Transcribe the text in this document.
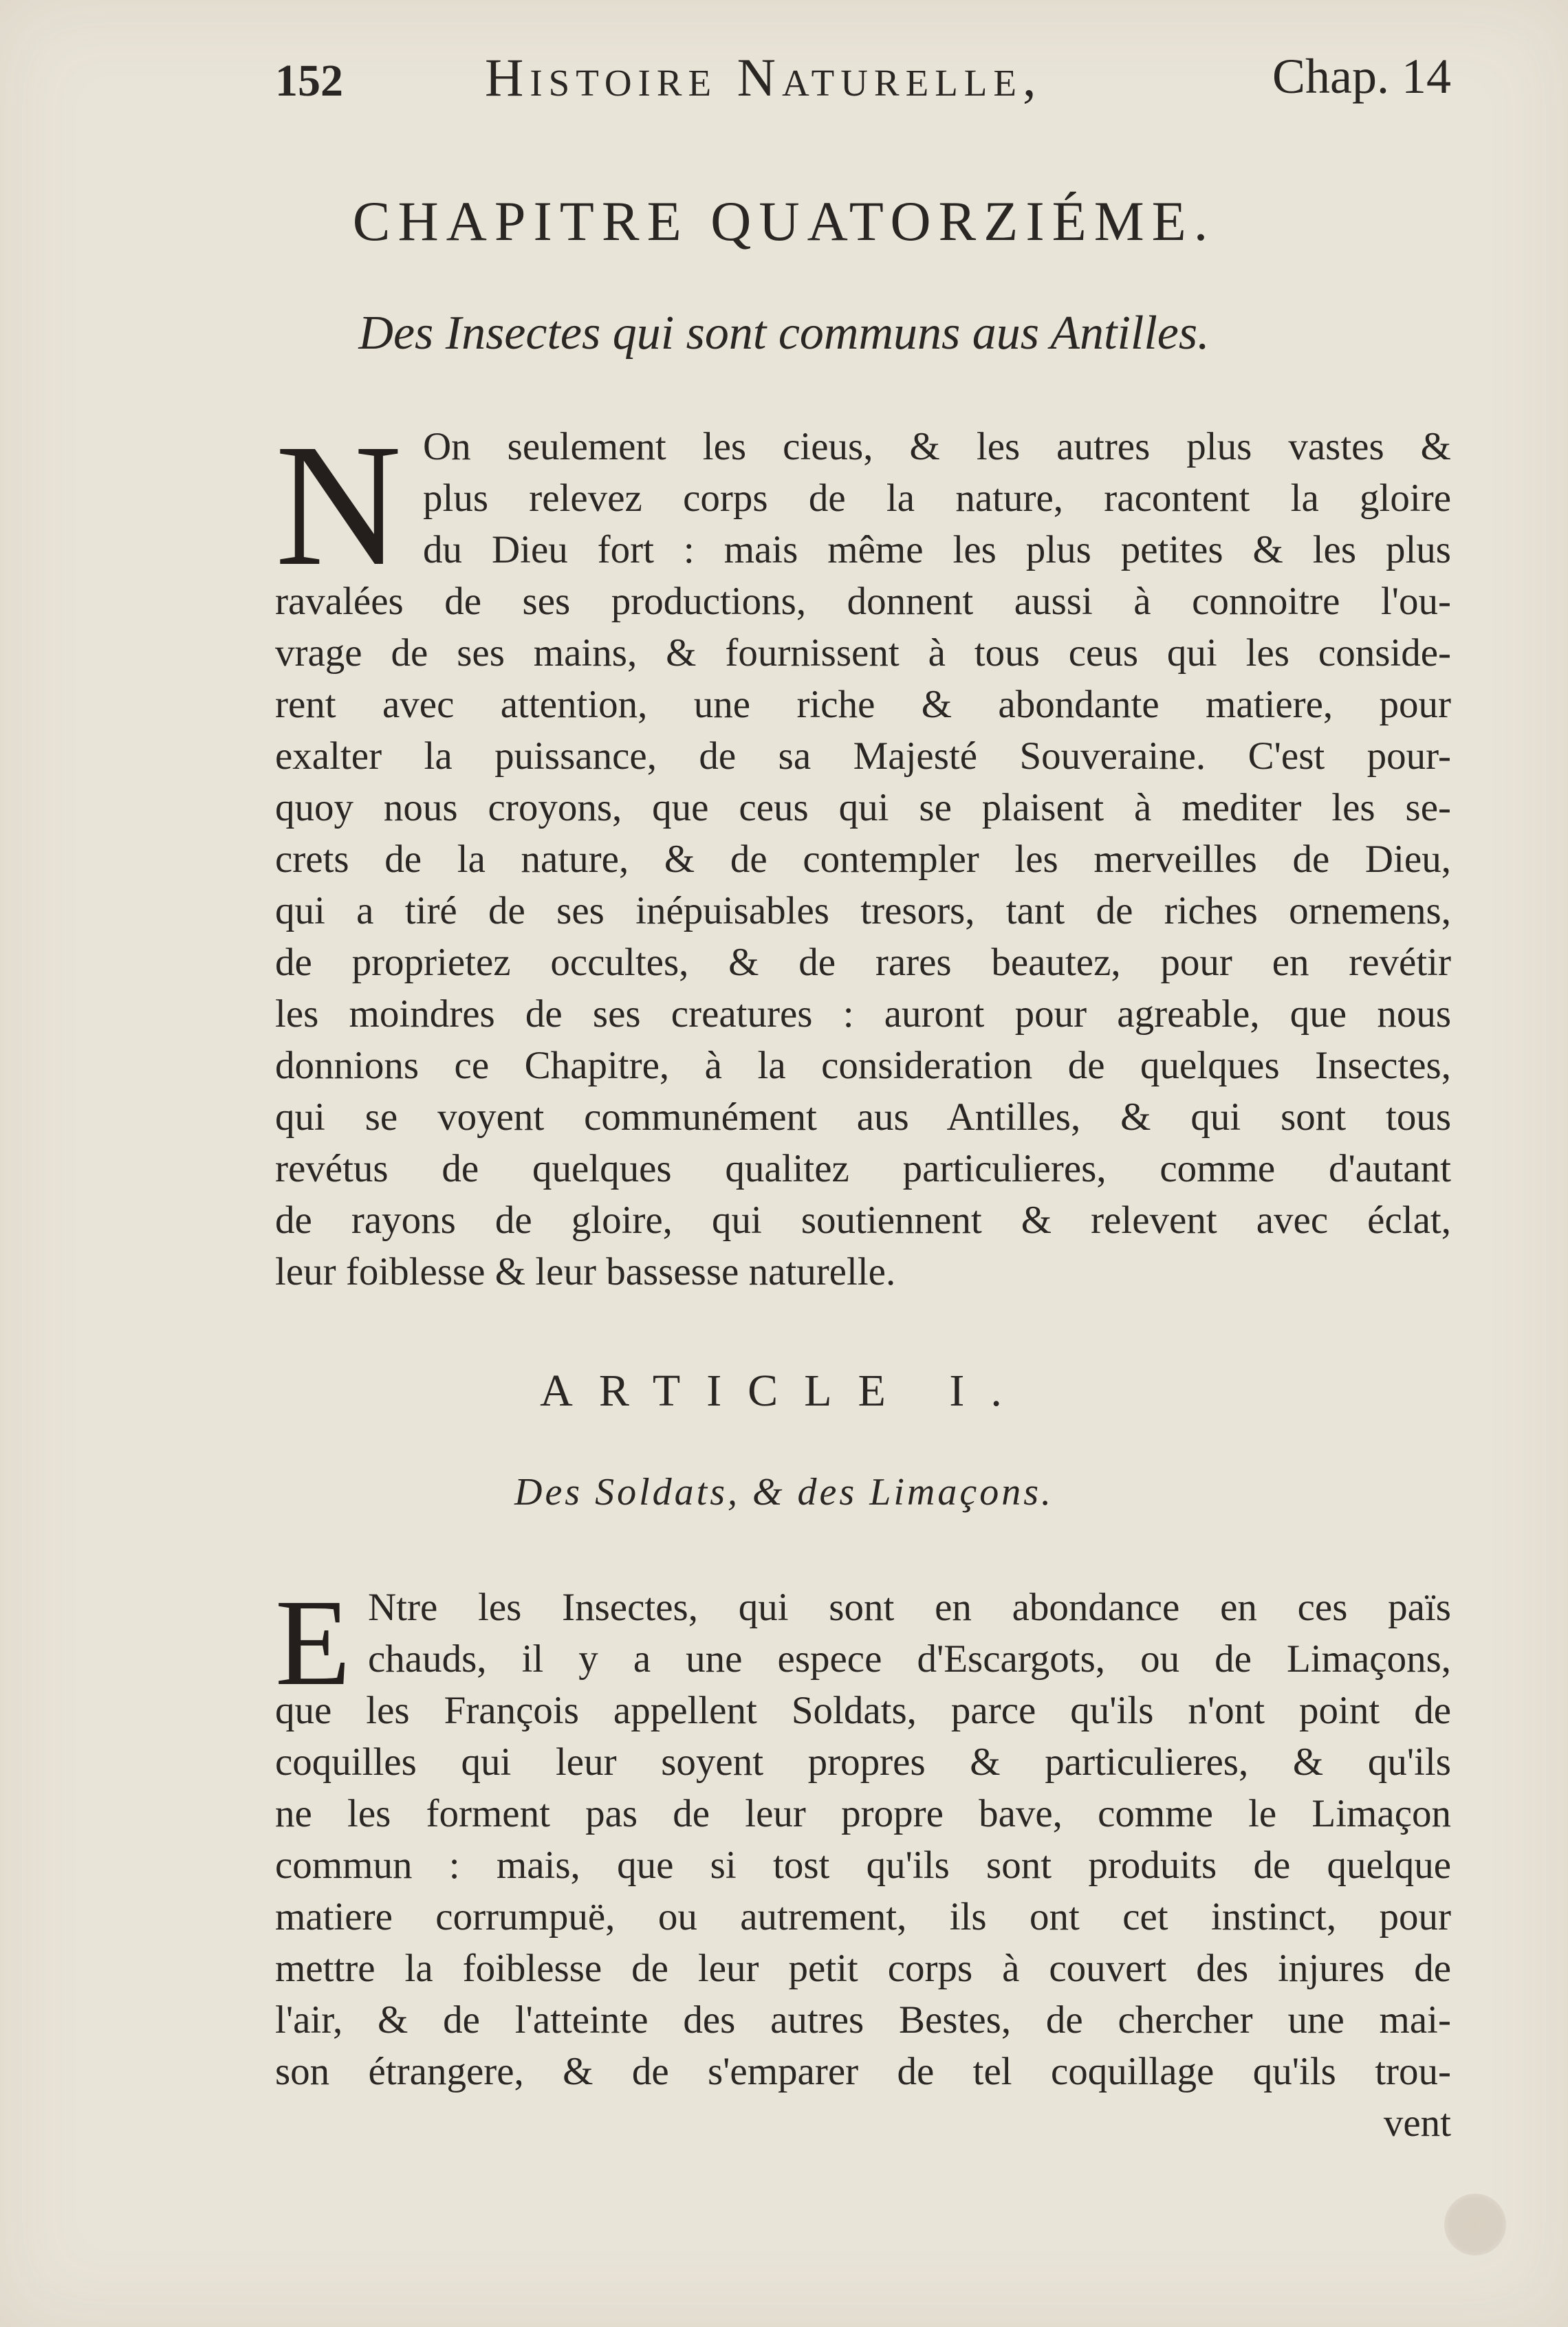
152	Histoire Naturelle,	Chap. 14
CHAPITRE QUATORZIÉME.
Des Insectes qui sont communs aus Antilles.
N On seulement les cieus, & les autres plus vastes &
plus relevez corps de la nature, racontent la gloire
du Dieu fort : mais même les plus petites & les plus
ravalées de ses productions, donnent aussi à connoitre l'ou-
vrage de ses mains, & fournissent à tous ceus qui les conside-
rent avec attention, une riche & abondante matiere, pour
exalter la puissance, de sa Majesté Souveraine. C'est pour-
quoy nous croyons, que ceus qui se plaisent à mediter les se-
crets de la nature, & de contempler les merveilles de Dieu,
qui a tiré de ses inépuisables tresors, tant de riches ornemens,
de proprietez occultes, & de rares beautez, pour en revétir
les moindres de ses creatures : auront pour agreable, que nous
donnions ce Chapitre, à la consideration de quelques Insectes,
qui se voyent communément aus Antilles, & qui sont tous
revétus de quelques qualitez particulieres, comme d'autant
de rayons de gloire, qui soutiennent & relevent avec éclat,
leur foiblesse & leur bassesse naturelle.
ARTICLE I.
Des Soldats, & des Limaçons.
E Ntre les Insectes, qui sont en abondance en ces païs
chauds, il y a une espece d'Escargots, ou de Limaçons,
que les François appellent Soldats, parce qu'ils n'ont point de
coquilles qui leur soyent propres & particulieres, & qu'ils
ne les forment pas de leur propre bave, comme le Limaçon
commun : mais, que si tost qu'ils sont produits de quelque
matiere corrumpuë, ou autrement, ils ont cet instinct, pour
mettre la foiblesse de leur petit corps à couvert des injures de
l'air, & de l'atteinte des autres Bestes, de chercher une mai-
son étrangere, & de s'emparer de tel coquillage qu'ils trou-
vent
